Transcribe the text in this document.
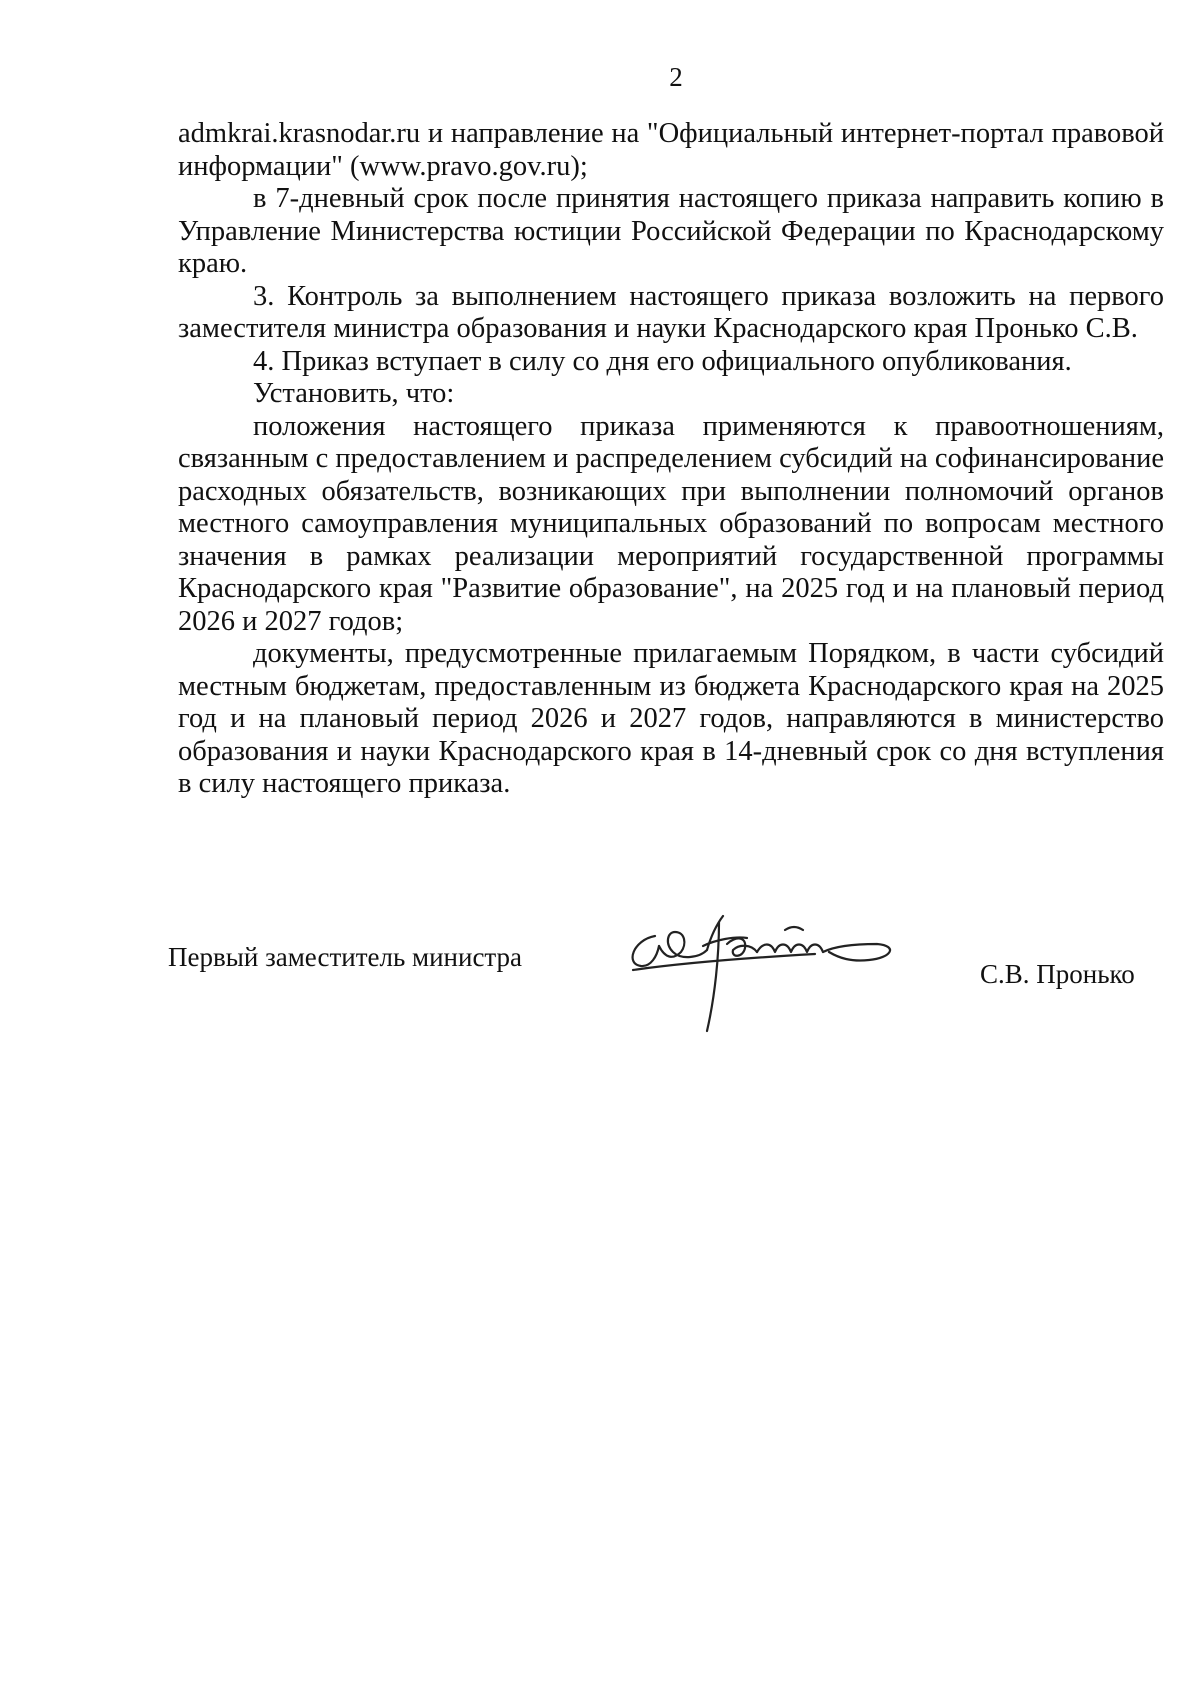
2

admkrai.krasnodar.ru и направление на "Официальный интернет-портал правовой информации" (www.pravo.gov.ru);

в 7-дневный срок после принятия настоящего приказа направить копию в Управление Министерства юстиции Российской Федерации по Краснодарскому краю.

3. Контроль за выполнением настоящего приказа возложить на первого заместителя министра образования и науки Краснодарского края Пронько С.В.

4. Приказ вступает в силу со дня его официального опубликования.

Установить, что:

положения настоящего приказа применяются к правоотношениям, связанным с предоставлением и распределением субсидий на софинансирование расходных обязательств, возникающих при выполнении полномочий органов местного самоуправления муниципальных образований по вопросам местного значения в рамках реализации мероприятий государственной программы Краснодарского края "Развитие образование", на 2025 год и на плановый период 2026 и 2027 годов;

документы, предусмотренные прилагаемым Порядком, в части субсидий местным бюджетам, предоставленным из бюджета Краснодарского края на 2025 год и на плановый период 2026 и 2027 годов, направляются в министерство образования и науки Краснодарского края в 14-дневный срок со дня вступления в силу настоящего приказа.

Первый заместитель министра
С.В. Пронько
